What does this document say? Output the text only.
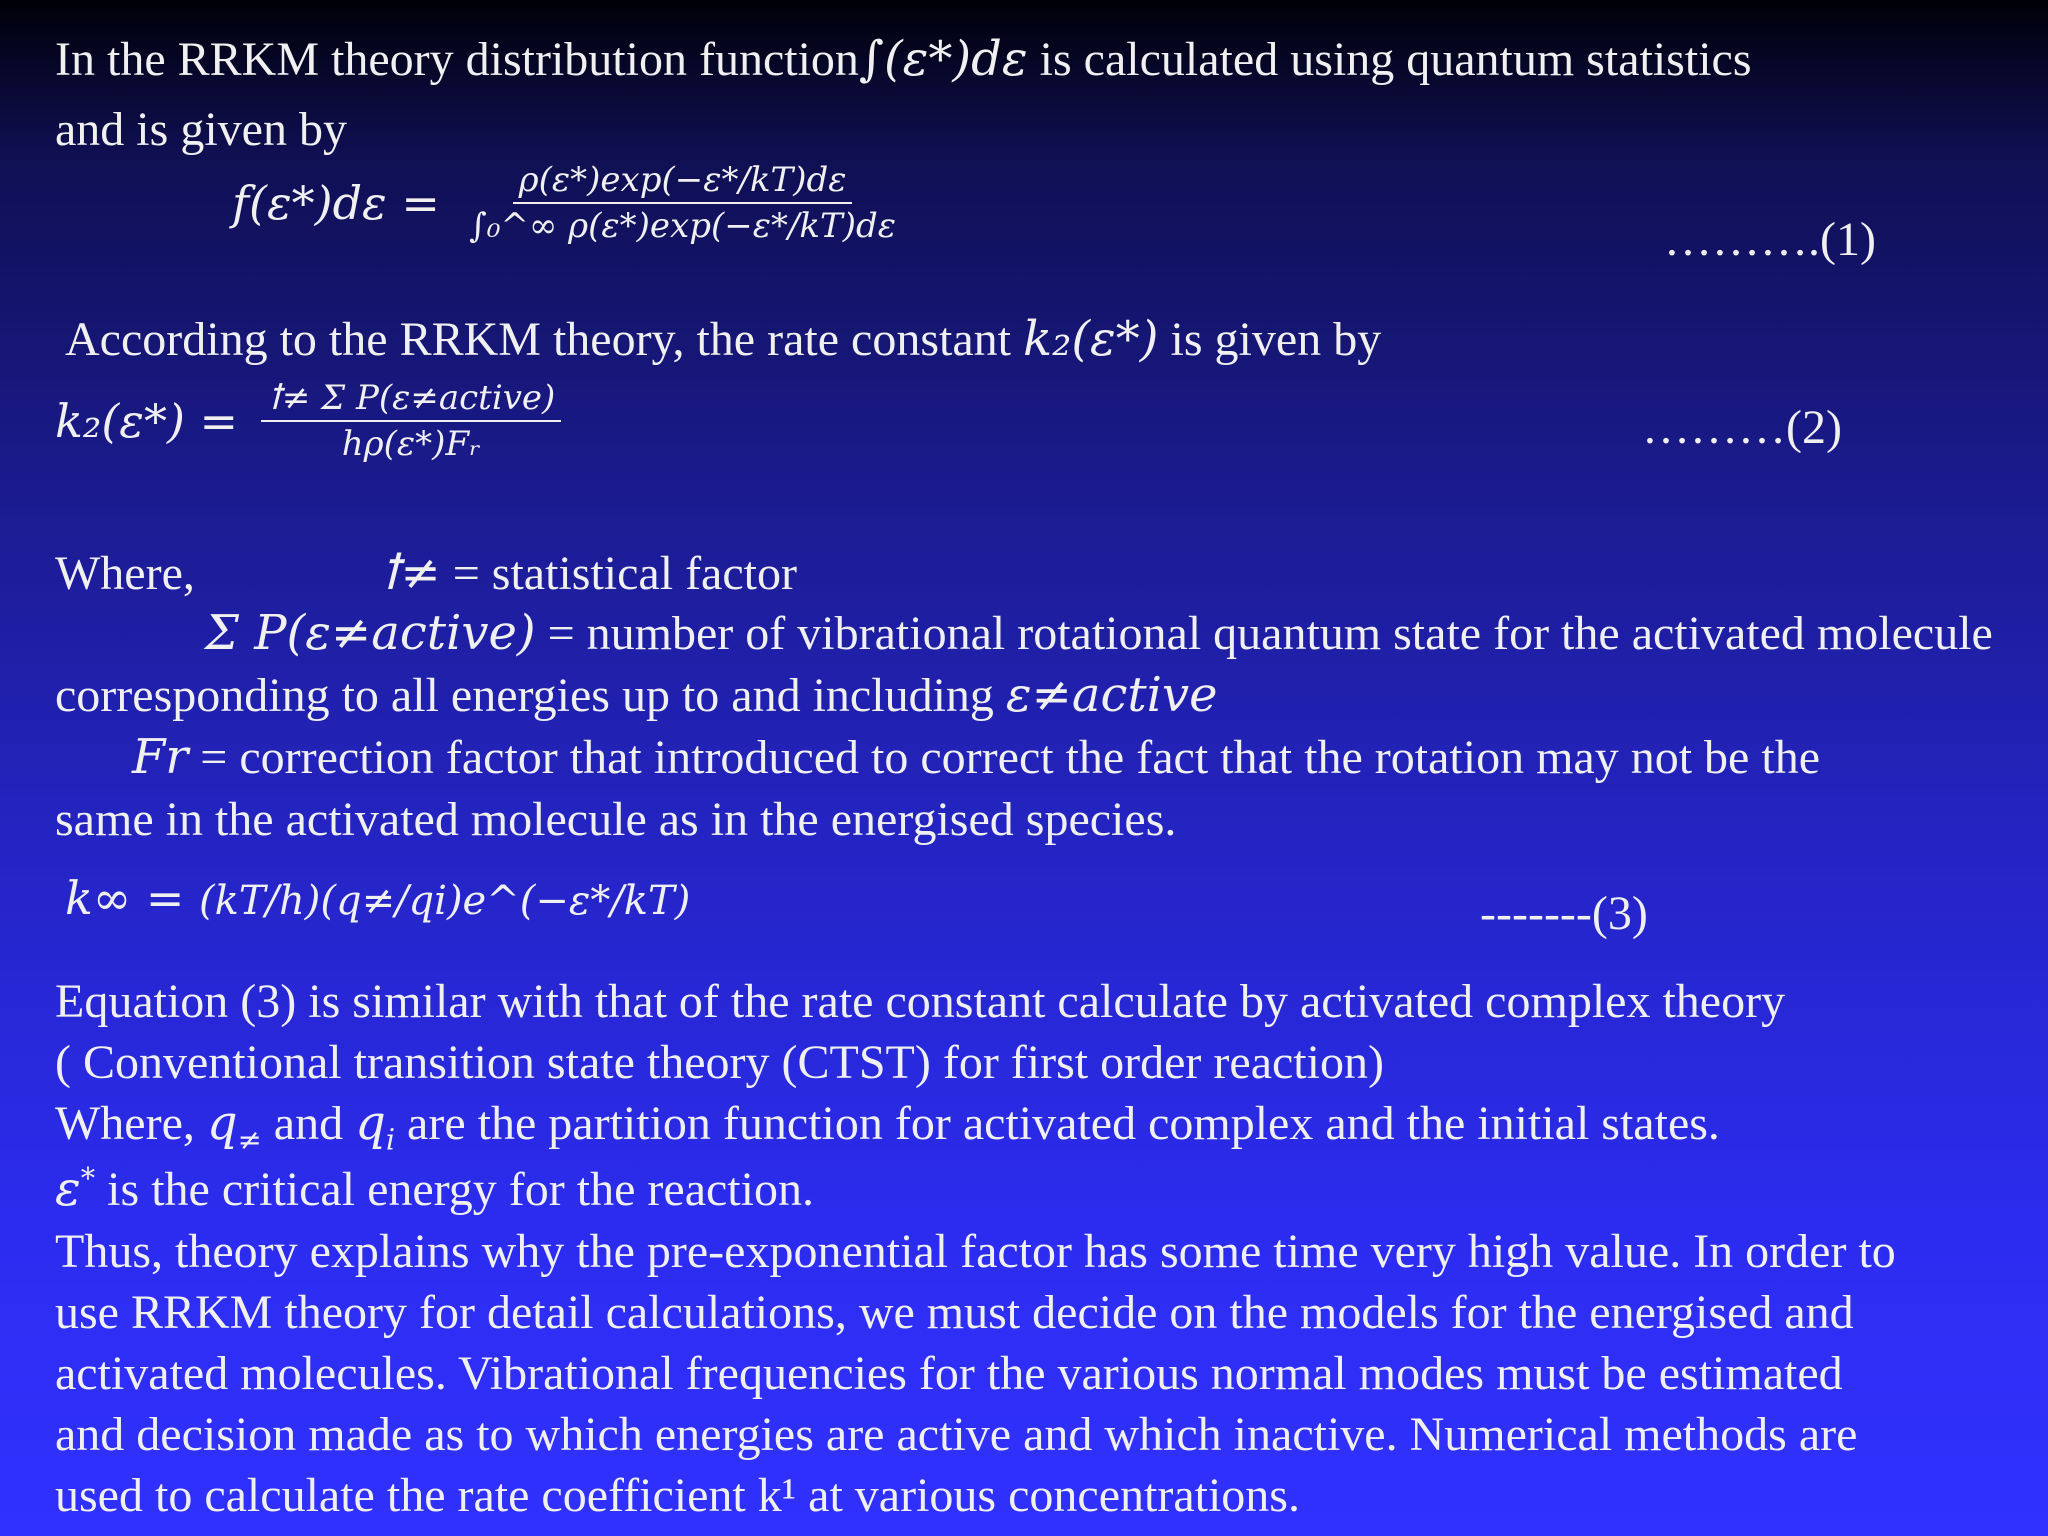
In the RRKM theory distribution function∫(ε*)dε is calculated using quantum statistics
and is given by
$f(\varepsilon*)d\varepsilon = \frac{\rho(\varepsilon*)\exp(-\varepsilon*/kT)d\varepsilon}{\text{∫₀\textasciicircum{}∞ ρ(ε*)exp(−ε*/kT)dε}}$	……….(1)
According to the RRKM theory, the rate constant k₂(ε*) is given by
$k_2(\varepsilon*) = \frac{\text{ꝉ≠ Σ P(ε≠active)}}{\text{hρ(ε*)Fᵣ}}$	………(2)
Where,	ꝉ≠ = statistical factor
Σ P(ε≠active) = number of vibrational rotational quantum state for the activated molecule
corresponding to all energies up to and including ε≠active
Fr = correction factor that introduced to correct the fact that the rotation may not be the
same in the activated molecule as in the energised species.
k∞ = (kT/h)(q≠/qi)e^(−ε*/kT)	-------(3)
Equation (3) is similar with that of the rate constant calculate by activated complex theory
( Conventional transition state theory (CTST) for first order reaction)
Where, $q_\ne$ and $q_i$ are the partition function for activated complex and the initial states.
ε* is the critical energy for the reaction.
Thus, theory explains why the pre-exponential factor has some time very high value. In order to
use RRKM theory for detail calculations, we must decide on the models for the energised and
activated molecules. Vibrational frequencies for the various normal modes must be estimated
and decision made as to which energies are active and which inactive. Numerical methods are
used to calculate the rate coefficient k¹ at various concentrations.
